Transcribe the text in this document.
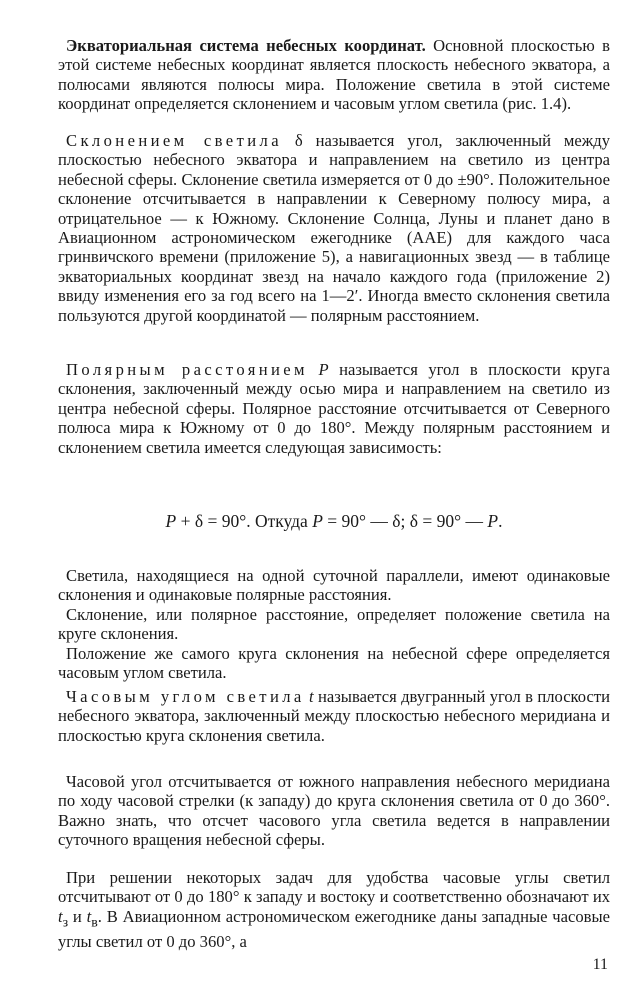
Экваториальная система небесных координат. Основной плоскостью в этой системе небесных координат является плоскость небесного экватора, а полюсами являются полюсы мира. Положение светила в этой системе координат определяется склонением и часовым углом светила (рис. 1.4).

Склонением светила δ называется угол, заключенный между плоскостью небесного экватора и направлением на светило из центра небесной сферы. Склонение светила измеряется от 0 до ±90°. Положительное склонение отсчитывается в направлении к Северному полюсу мира, а отрицательное — к Южному. Склонение Солнца, Луны и планет дано в Авиационном астрономическом ежегоднике (ААЕ) для каждого часа гринвичского времени (приложение 5), а навигационных звезд — в таблице экваториальных координат звезд на начало каждого года (приложение 2) ввиду изменения его за год всего на 1—2′. Иногда вместо склонения светила пользуются другой координатой — полярным расстоянием.

Полярным расстоянием P называется угол в плоскости круга склонения, заключенный между осью мира и направлением на светило из центра небесной сферы. Полярное расстояние отсчитывается от Северного полюса мира к Южному от 0 до 180°. Между полярным расстоянием и склонением светила имеется следующая зависимость:

P + δ = 90°. Откуда P = 90° — δ; δ = 90° — P.

Светила, находящиеся на одной суточной параллели, имеют одинаковые склонения и одинаковые полярные расстояния.

Склонение, или полярное расстояние, определяет положение светила на круге склонения.

Положение же самого круга склонения на небесной сфере определяется часовым углом светила.

Часовым углом светила t называется двугранный угол в плоскости небесного экватора, заключенный между плоскостью небесного меридиана и плоскостью круга склонения светила.

Часовой угол отсчитывается от южного направления небесного меридиана по ходу часовой стрелки (к западу) до круга склонения светила от 0 до 360°. Важно знать, что отсчет часового угла светила ведется в направлении суточного вращения небесной сферы.

При решении некоторых задач для удобства часовые углы светил отсчитывают от 0 до 180° к западу и востоку и соответственно обозначают их $t_з$ и $t_в$. В Авиационном астрономическом ежегоднике даны западные часовые углы светил от 0 до 360°, а

11
